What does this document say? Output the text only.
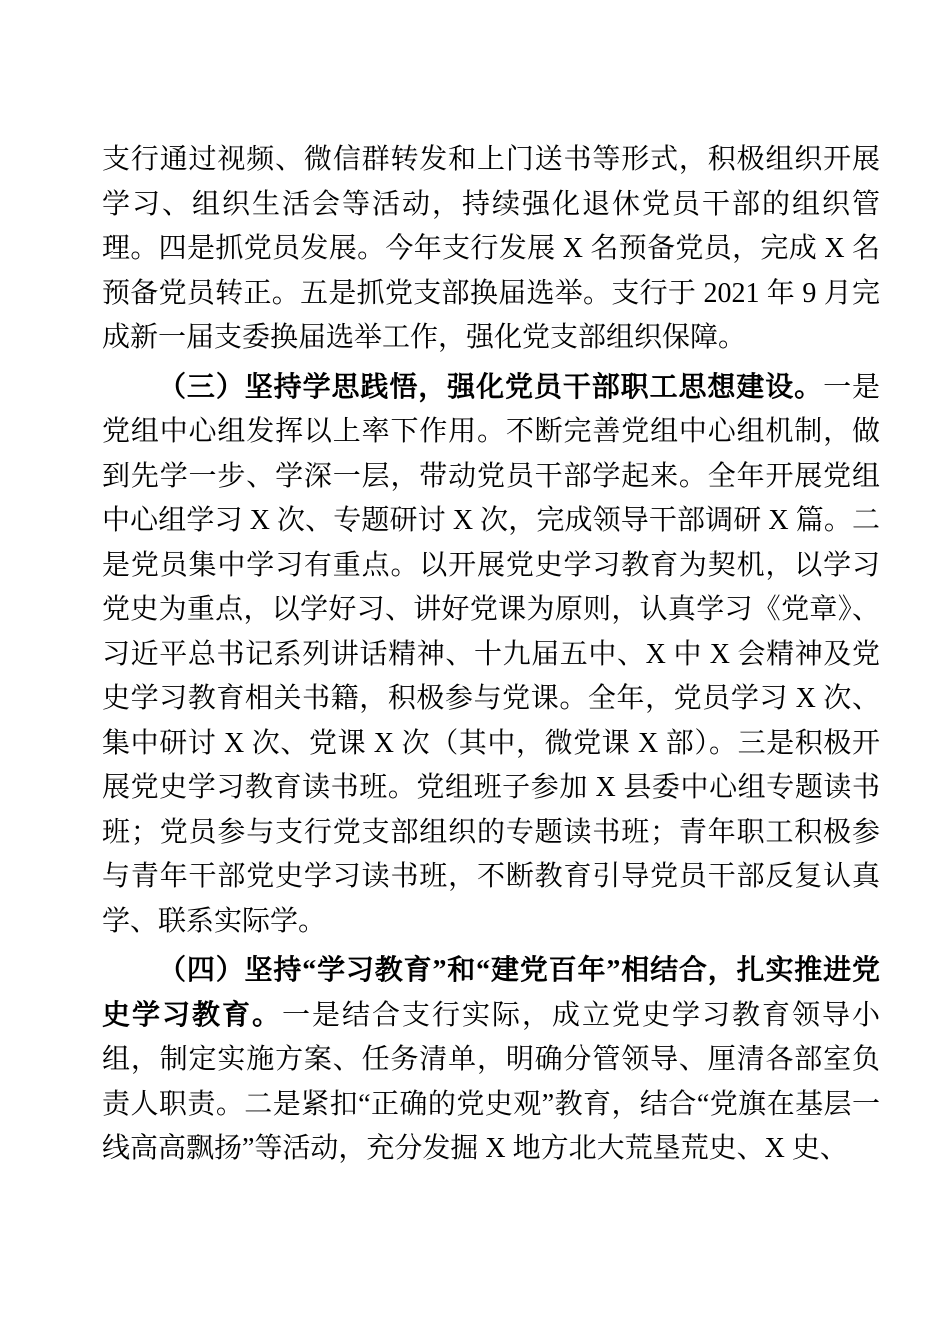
支行通过视频、微信群转发和上门送书等形式，积极组织开展学习、组织生活会等活动，持续强化退休党员干部的组织管理。四是抓党员发展。今年支行发展 X 名预备党员，完成 X 名预备党员转正。五是抓党支部换届选举。支行于 2021 年 9 月完成新一届支委换届选举工作，强化党支部组织保障。

（三）坚持学思践悟，强化党员干部职工思想建设。一是党组中心组发挥以上率下作用。不断完善党组中心组机制，做到先学一步、学深一层，带动党员干部学起来。全年开展党组中心组学习 X 次、专题研讨 X 次，完成领导干部调研 X 篇。二是党员集中学习有重点。以开展党史学习教育为契机，以学习党史为重点，以学好习、讲好党课为原则，认真学习《党章》、习近平总书记系列讲话精神、十九届五中、X 中 X 会精神及党史学习教育相关书籍，积极参与党课。全年，党员学习 X 次、集中研讨 X 次、党课 X 次（其中，微党课 X 部）。三是积极开展党史学习教育读书班。党组班子参加 X 县委中心组专题读书班；党员参与支行党支部组织的专题读书班；青年职工积极参与青年干部党史学习读书班，不断教育引导党员干部反复认真学、联系实际学。

（四）坚持“学习教育”和“建党百年”相结合，扎实推进党史学习教育。一是结合支行实际，成立党史学习教育领导小组，制定实施方案、任务清单，明确分管领导、厘清各部室负责人职责。二是紧扣“正确的党史观”教育，结合“党旗在基层一线高高飘扬”等活动，充分发掘 X 地方北大荒垦荒史、X 史、
